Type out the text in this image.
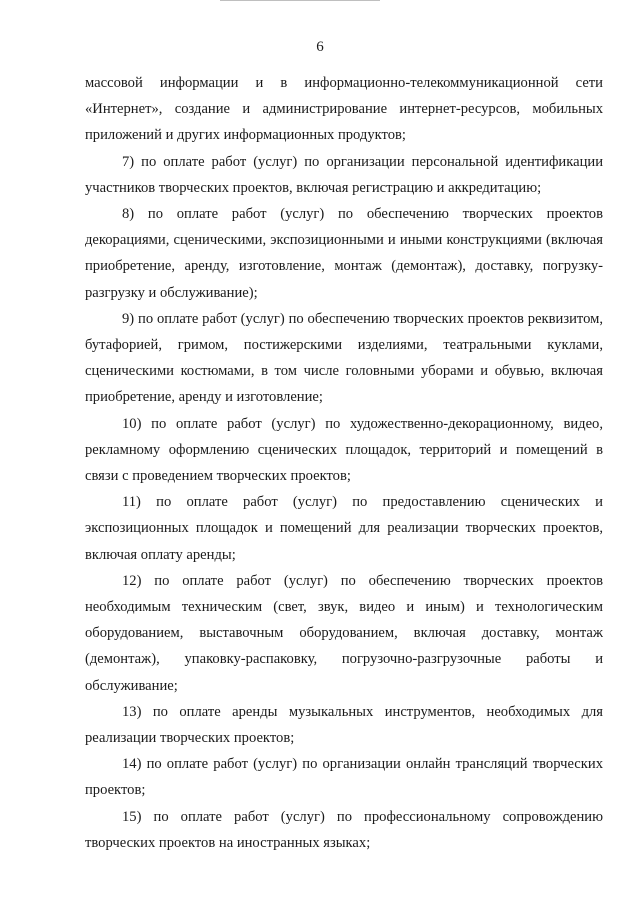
6

массовой информации и в информационно-телекоммуникационной сети «Интернет», создание и администрирование интернет-ресурсов, мобильных приложений и других информационных продуктов;

7) по оплате работ (услуг) по организации персональной идентификации участников творческих проектов, включая регистрацию и аккредитацию;

8) по оплате работ (услуг) по обеспечению творческих проектов декорациями, сценическими, экспозиционными и иными конструкциями (включая приобретение, аренду, изготовление, монтаж (демонтаж), доставку, погрузку-разгрузку и обслуживание);

9) по оплате работ (услуг) по обеспечению творческих проектов реквизитом, бутафорией, гримом, постижерскими изделиями, театральными куклами, сценическими костюмами, в том числе головными уборами и обувью, включая приобретение, аренду и изготовление;

10) по оплате работ (услуг) по художественно-декорационному, видео, рекламному оформлению сценических площадок, территорий и помещений в связи с проведением творческих проектов;

11) по оплате работ (услуг) по предоставлению сценических и экспозиционных площадок и помещений для реализации творческих проектов, включая оплату аренды;

12) по оплате работ (услуг) по обеспечению творческих проектов необходимым техническим (свет, звук, видео и иным) и технологическим оборудованием, выставочным оборудованием, включая доставку, монтаж (демонтаж), упаковку-распаковку, погрузочно-разгрузочные работы и обслуживание;

13) по оплате аренды музыкальных инструментов, необходимых для реализации творческих проектов;

14) по оплате работ (услуг) по организации онлайн трансляций творческих проектов;

15) по оплате работ (услуг) по профессиональному сопровождению творческих проектов на иностранных языках;
